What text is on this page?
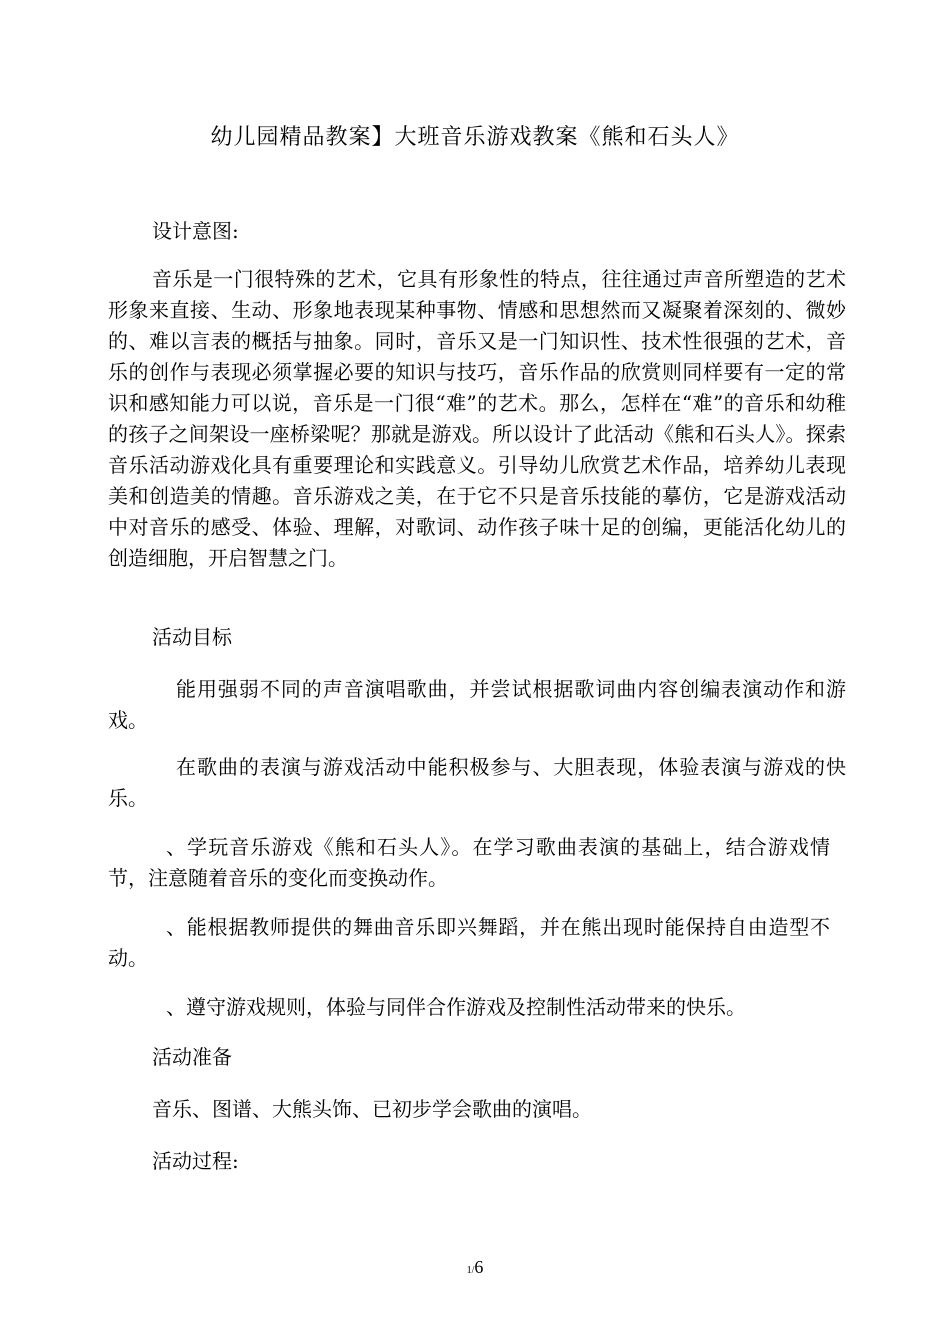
幼儿园精品教案】大班音乐游戏教案《熊和石头人》
设计意图:
音乐是一门很特殊的艺术，它具有形象性的特点，往往通过声音所塑造的艺术形象来直接、生动、形象地表现某种事物、情感和思想然而又凝聚着深刻的、微妙的、难以言表的概括与抽象。同时，音乐又是一门知识性、技术性很强的艺术，音乐的创作与表现必须掌握必要的知识与技巧，音乐作品的欣赏则同样要有一定的常识和感知能力可以说，音乐是一门很“难”的艺术。那么，怎样在“难”的音乐和幼稚的孩子之间架设一座桥梁呢？那就是游戏。所以设计了此活动《熊和石头人》。探索音乐活动游戏化具有重要理论和实践意义。引导幼儿欣赏艺术作品，培养幼儿表现美和创造美的情趣。音乐游戏之美，在于它不只是音乐技能的摹仿，它是游戏活动中对音乐的感受、体验、理解，对歌词、动作孩子味十足的创编，更能活化幼儿的创造细胞，开启智慧之门。
活动目标
能用强弱不同的声音演唱歌曲，并尝试根据歌词曲内容创编表演动作和游戏。
在歌曲的表演与游戏活动中能积极参与、大胆表现，体验表演与游戏的快乐。
、学玩音乐游戏《熊和石头人》。在学习歌曲表演的基础上，结合游戏情节，注意随着音乐的变化而变换动作。
、能根据教师提供的舞曲音乐即兴舞蹈，并在熊出现时能保持自由造型不动。
、遵守游戏规则，体验与同伴合作游戏及控制性活动带来的快乐。
活动准备
音乐、图谱、大熊头饰、已初步学会歌曲的演唱。
活动过程:
1/6
